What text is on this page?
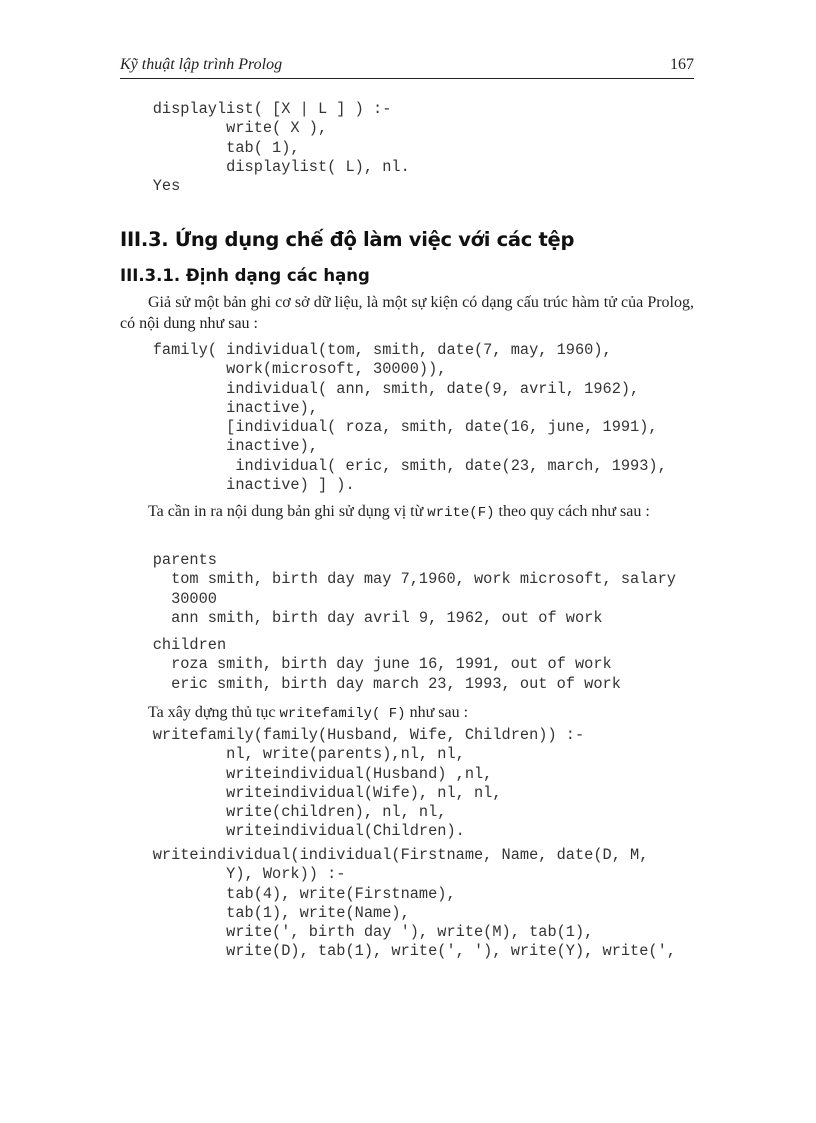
Kỹ thuật lập trình Prolog	167
displaylist( [X | L ] ) :-
write( X ),
tab( 1),
displaylist( L), nl.
Yes
III.3. Ứng dụng chế độ làm việc với các tệp
III.3.1. Định dạng các hạng

Giả sử một bản ghi cơ sở dữ liệu, là một sự kiện có dạng cấu trúc hàm tử của Prolog, có nội dung như sau :

family( individual(tom, smith, date(7, may, 1960),
work(microsoft, 30000)),
individual( ann, smith, date(9, avril, 1962),
inactive),
[individual( roza, smith, date(16, june, 1991),
inactive),
individual( eric, smith, date(23, march, 1993),
inactive) ] ).

Ta cần in ra nội dung bản ghi sử dụng vị từ write(F) theo quy cách như sau :

parents
tom smith, birth day may 7,1960, work microsoft, salary
30000
ann smith, birth day avril 9, 1962, out of work
children
roza smith, birth day june 16, 1991, out of work
eric smith, birth day march 23, 1993, out of work

Ta xây dựng thủ tục writefamily( F) như sau :

writefamily(family(Husband, Wife, Children)) :-
nl, write(parents),nl, nl,
writeindividual(Husband) ,nl,
writeindividual(Wife), nl, nl,
write(children), nl, nl,
writeindividual(Children).
writeindividual(individual(Firstname, Name, date(D, M,
Y), Work)) :-
tab(4), write(Firstname),
tab(1), write(Name),
write(', birth day '), write(M), tab(1),
write(D), tab(1), write(', '), write(Y), write(',
